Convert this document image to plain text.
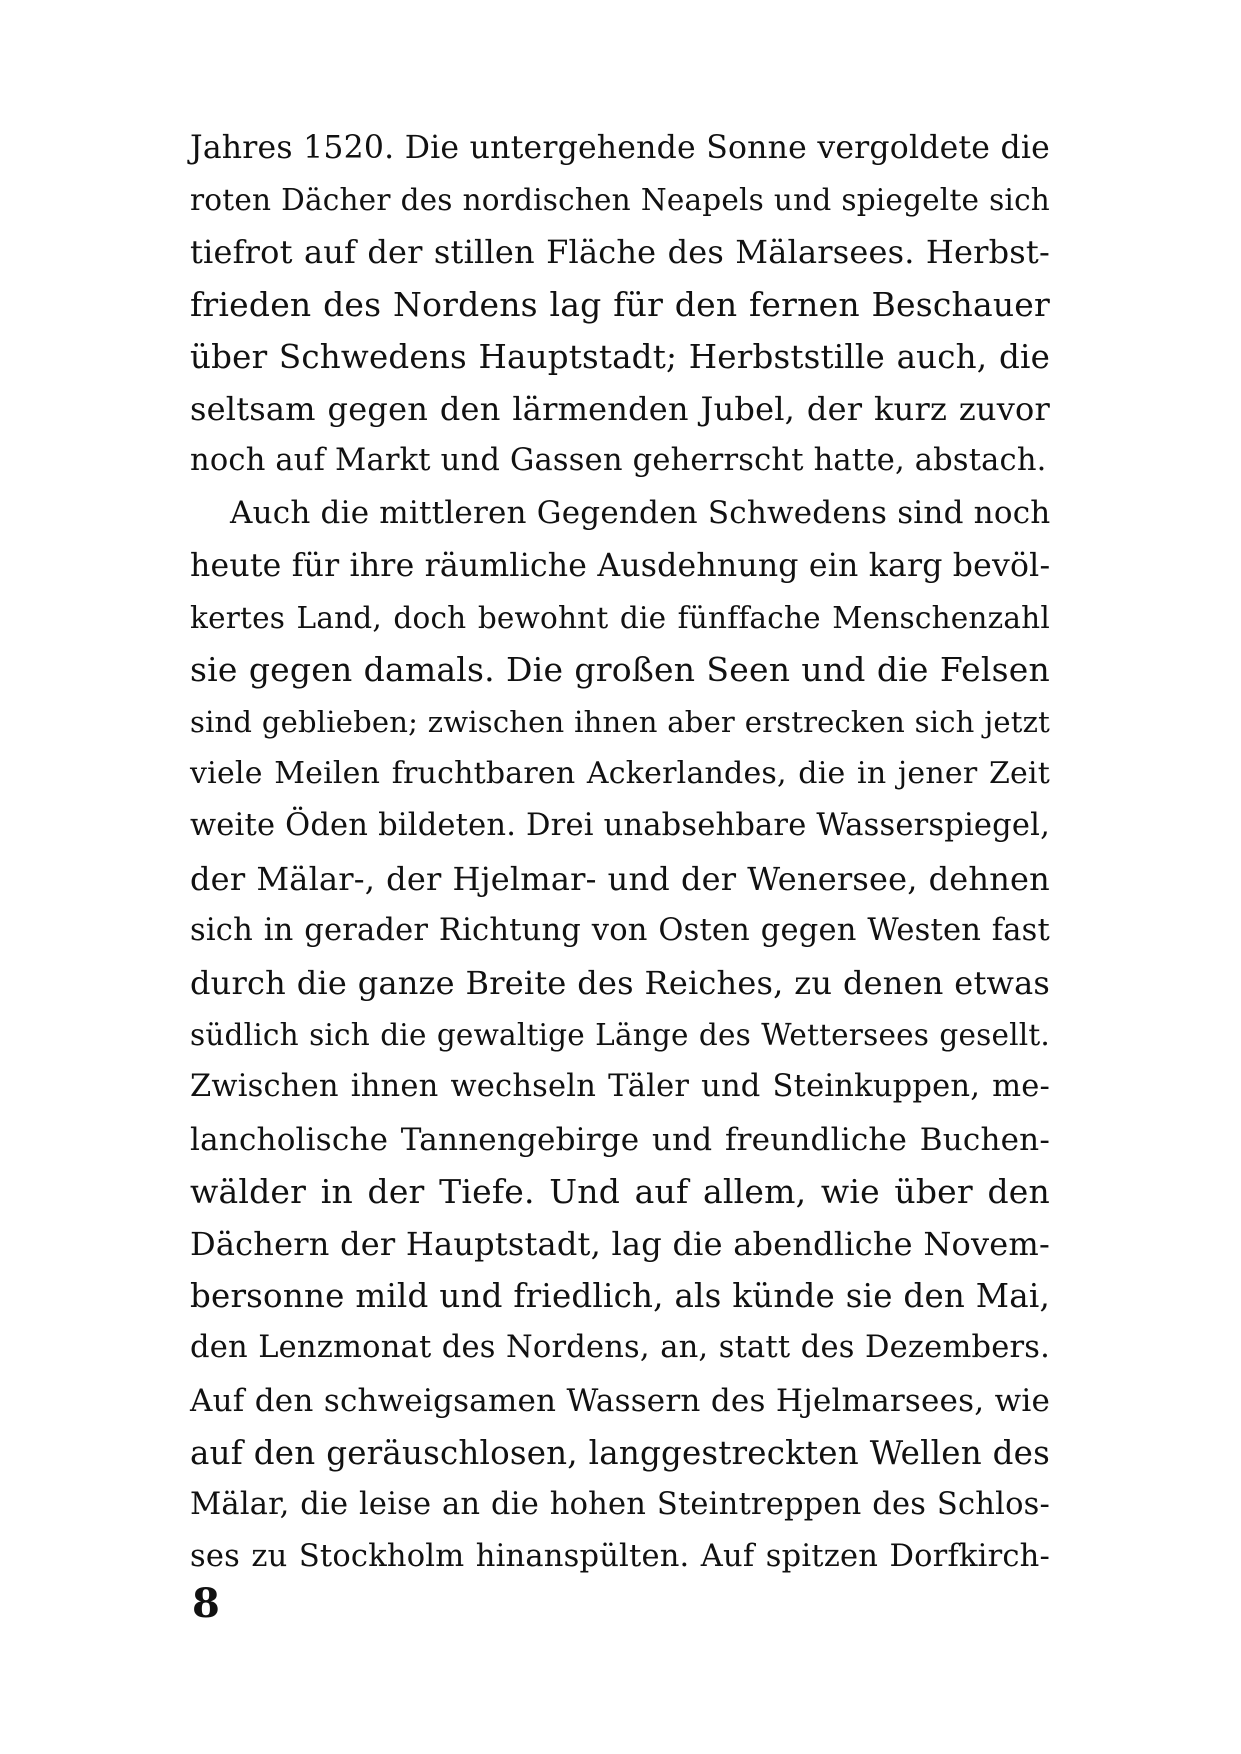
Jahres 1520. Die untergehende Sonne vergoldete die
roten Dächer des nordischen Neapels und spiegelte sich
tiefrot auf der stillen Fläche des Mälarsees. Herbst-
frieden des Nordens lag für den fernen Beschauer
über Schwedens Hauptstadt; Herbststille auch, die
seltsam gegen den lärmenden Jubel, der kurz zuvor
noch auf Markt und Gassen geherrscht hatte, abstach.
Auch die mittleren Gegenden Schwedens sind noch
heute für ihre räumliche Ausdehnung ein karg bevöl-
kertes Land, doch bewohnt die fünffache Menschenzahl
sie gegen damals. Die großen Seen und die Felsen
sind geblieben; zwischen ihnen aber erstrecken sich jetzt
viele Meilen fruchtbaren Ackerlandes, die in jener Zeit
weite Öden bildeten. Drei unabsehbare Wasserspiegel,
der Mälar-, der Hjelmar- und der Wenersee, dehnen
sich in gerader Richtung von Osten gegen Westen fast
durch die ganze Breite des Reiches, zu denen etwas
südlich sich die gewaltige Länge des Wettersees gesellt.
Zwischen ihnen wechseln Täler und Steinkuppen, me-
lancholische Tannengebirge und freundliche Buchen-
wälder in der Tiefe. Und auf allem, wie über den
Dächern der Hauptstadt, lag die abendliche Novem-
bersonne mild und friedlich, als künde sie den Mai,
den Lenzmonat des Nordens, an, statt des Dezembers.
Auf den schweigsamen Wassern des Hjelmarsees, wie
auf den geräuschlosen, langgestreckten Wellen des
Mälar, die leise an die hohen Steintreppen des Schlos-
ses zu Stockholm hinanspülten. Auf spitzen Dorfkirch-
8
